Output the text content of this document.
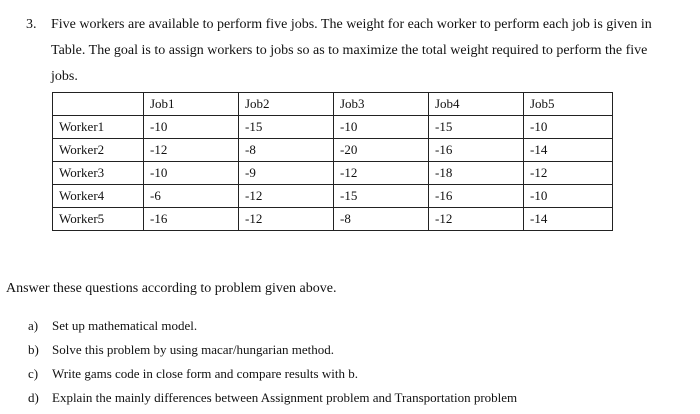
3. Five workers are available to perform five jobs. The weight for each worker to perform each job is given in Table. The goal is to assign workers to jobs so as to maximize the total weight required to perform the five jobs.

	Job1	Job2	Job3	Job4	Job5
Worker1	-10	-15	-10	-15	-10
Worker2	-12	-8	-20	-16	-14
Worker3	-10	-9	-12	-18	-12
Worker4	-6	-12	-15	-16	-10
Worker5	-16	-12	-8	-12	-14

Answer these questions according to problem given above.

a) Set up mathematical model.
b) Solve this problem by using macar/hungarian method.
c) Write gams code in close form and compare results with b.
d) Explain the mainly differences between Assignment problem and Transportation problem
